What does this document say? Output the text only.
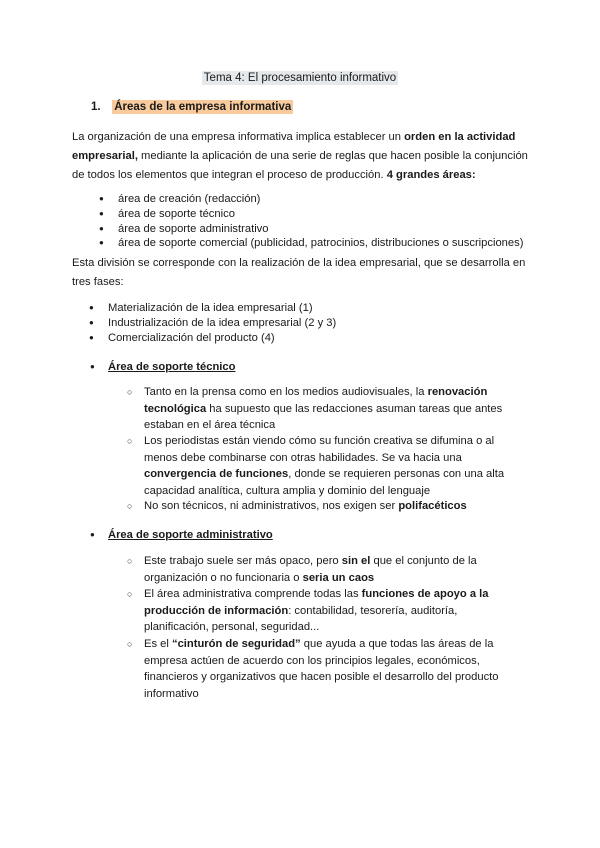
Tema 4: El procesamiento informativo
1. Áreas de la empresa informativa
La organización de una empresa informativa implica establecer un orden en la actividad empresarial, mediante la aplicación de una serie de reglas que hacen posible la conjunción de todos los elementos que integran el proceso de producción. 4 grandes áreas:
● área de creación (redacción)
● área de soporte técnico
● área de soporte administrativo
● área de soporte comercial (publicidad, patrocinios, distribuciones o suscripciones)
Esta división se corresponde con la realización de la idea empresarial, que se desarrolla en tres fases:
● Materialización de la idea empresarial (1)
● Industrialización de la idea empresarial (2 y 3)
● Comercialización del producto (4)
● Área de soporte técnico
○ Tanto en la prensa como en los medios audiovisuales, la renovación tecnológica ha supuesto que las redacciones asuman tareas que antes estaban en el área técnica
○ Los periodistas están viendo cómo su función creativa se difumina o al menos debe combinarse con otras habilidades. Se va hacia una convergencia de funciones, donde se requieren personas con una alta capacidad analítica, cultura amplia y dominio del lenguaje
○ No son técnicos, ni administrativos, nos exigen ser polifacéticos
● Área de soporte administrativo
○ Este trabajo suele ser más opaco, pero sin el que el conjunto de la organización o no funcionaria o seria un caos
○ El área administrativa comprende todas las funciones de apoyo a la producción de información: contabilidad, tesorería, auditoría, planificación, personal, seguridad...
○ Es el “cinturón de seguridad” que ayuda a que todas las áreas de la empresa actúen de acuerdo con los principios legales, económicos, financieros y organizativos que hacen posible el desarrollo del producto informativo
